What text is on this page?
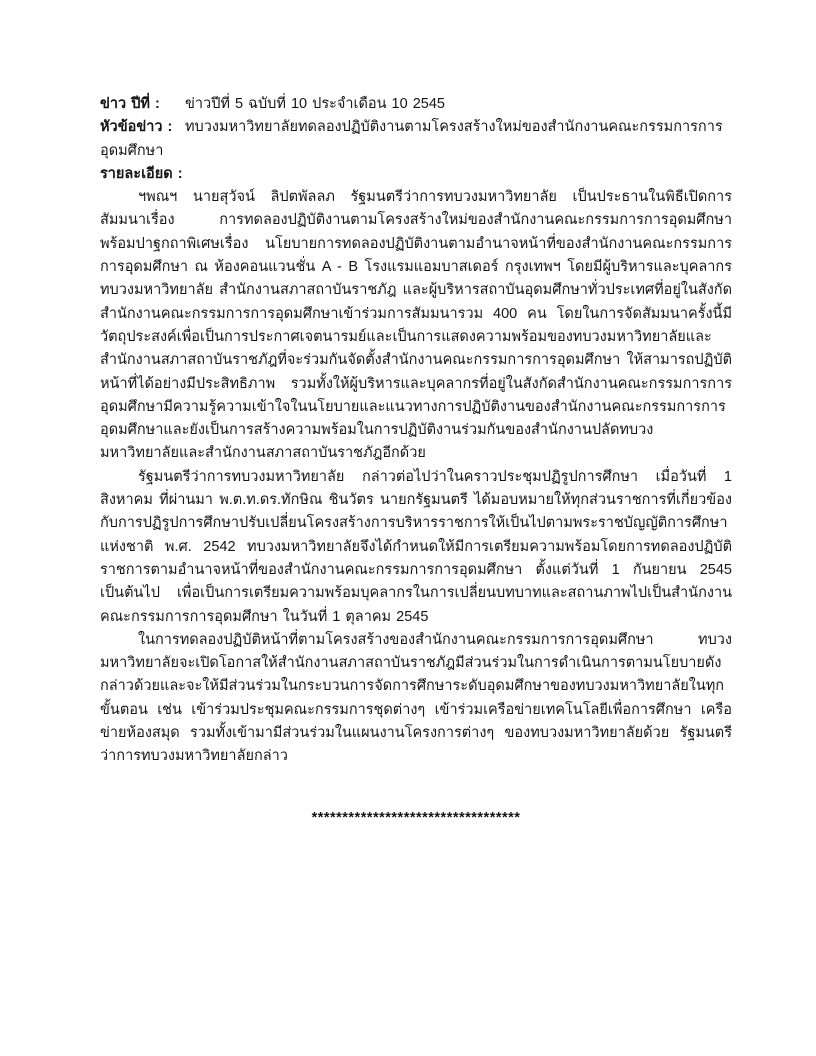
ข่าว ปีที่ : ข่าวปีที่ 5 ฉบับที่ 10 ประจำเดือน 10 2545

หัวข้อข่าว : ทบวงมหาวิทยาลัยทดลองปฏิบัติงานตามโครงสร้างใหม่ของสำนักงานคณะกรรมการการอุดมศึกษา

รายละเอียด :

ฯพณฯ นายสุวัจน์ ลิปตพัลลภ รัฐมนตรีว่าการทบวงมหาวิทยาลัย เป็นประธานในพิธีเปิดการสัมมนาเรื่อง การทดลองปฏิบัติงานตามโครงสร้างใหม่ของสำนักงานคณะกรรมการการอุดมศึกษา พร้อมปาฐกถาพิเศษเรื่อง นโยบายการทดลองปฏิบัติงานตามอำนาจหน้าที่ของสำนักงานคณะกรรมการการอุดมศึกษา ณ ห้องคอนแวนชั่น A - B โรงแรมแอมบาสเดอร์ กรุงเทพฯ โดยมีผู้บริหารและบุคลากรทบวงมหาวิทยาลัย สำนักงานสภาสถาบันราชภัฎ และผู้บริหารสถาบันอุดมศึกษาทั่วประเทศที่อยู่ในสังกัดสำนักงานคณะกรรมการการอุดมศึกษาเข้าร่วมการสัมมนารวม 400 คน โดยในการจัดสัมมนาครั้งนี้มีวัตถุประสงค์เพื่อเป็นการประกาศเจตนารมย์และเป็นการแสดงความพร้อมของทบวงมหาวิทยาลัยและสำนักงานสภาสถาบันราชภัฎที่จะร่วมกันจัดตั้งสำนักงานคณะกรรมการการอุดมศึกษา ให้สามารถปฏิบัติหน้าที่ได้อย่างมีประสิทธิภาพ รวมทั้งให้ผู้บริหารและบุคลากรที่อยู่ในสังกัดสำนักงานคณะกรรมการการอุดมศึกษามีความรู้ความเข้าใจในนโยบายและแนวทางการปฏิบัติงานของสำนักงานคณะกรรมการการอุดมศึกษาและยังเป็นการสร้างความพร้อมในการปฏิบัติงานร่วมกันของสำนักงานปลัดทบวงมหาวิทยาลัยและสำนักงานสภาสถาบันราชภัฎอีกด้วย

รัฐมนตรีว่าการทบวงมหาวิทยาลัย กล่าวต่อไปว่าในคราวประชุมปฏิรูปการศึกษา เมื่อวันที่ 1 สิงหาคม ที่ผ่านมา พ.ต.ท.ดร.ทักษิณ ชินวัตร นายกรัฐมนตรี ได้มอบหมายให้ทุกส่วนราชการที่เกี่ยวข้องกับการปฏิรูปการศึกษาปรับเปลี่ยนโครงสร้างการบริหารราชการให้เป็นไปตามพระราชบัญญัติการศึกษาแห่งชาติ พ.ศ. 2542 ทบวงมหาวิทยาลัยจึงได้กำหนดให้มีการเตรียมความพร้อมโดยการทดลองปฏิบัติราชการตามอำนาจหน้าที่ของสำนักงานคณะกรรมการการอุดมศึกษา ตั้งแต่วันที่ 1 กันยายน 2545 เป็นต้นไป เพื่อเป็นการเตรียมความพร้อมบุคลากรในการเปลี่ยนบทบาทและสถานภาพไปเป็นสำนักงานคณะกรรมการการอุดมศึกษา ในวันที่ 1 ตุลาคม 2545

ในการทดลองปฏิบัติหน้าที่ตามโครงสร้างของสำนักงานคณะกรรมการการอุดมศึกษา ทบวงมหาวิทยาลัยจะเปิดโอกาสให้สำนักงานสภาสถาบันราชภัฎมีส่วนร่วมในการดำเนินการตามนโยบายดังกล่าวด้วยและจะให้มีส่วนร่วมในกระบวนการจัดการศึกษาระดับอุดมศึกษาของทบวงมหาวิทยาลัยในทุกขั้นตอน เช่น เข้าร่วมประชุมคณะกรรมการชุดต่างๆ เข้าร่วมเครือข่ายเทคโนโลยีเพื่อการศึกษา เครือข่ายห้องสมุด รวมทั้งเข้ามามีส่วนร่วมในแผนงานโครงการต่างๆ ของทบวงมหาวิทยาลัยด้วย รัฐมนตรีว่าการทบวงมหาวิทยาลัยกล่าว

**********************************
